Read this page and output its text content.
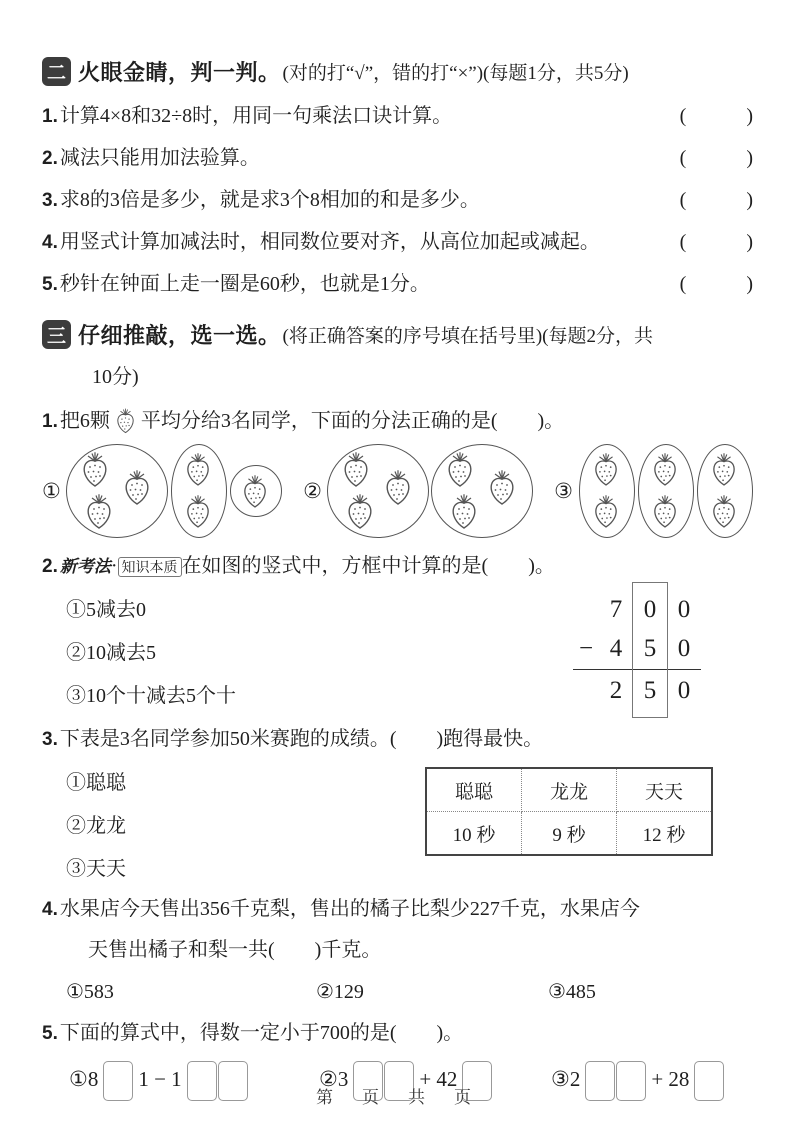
二 火眼金睛，判一判。 (对的打“√”，错的打“×”)(每题1分，共5分)
1. 计算4×8和32÷8时，用同一句乘法口诀计算。	(　　　)
2. 减法只能用加法验算。	(　　　)
3. 求8的3倍是多少，就是求3个8相加的和是多少。	(　　　)
4. 用竖式计算加减法时，相同数位要对齐，从高位加起或减起。	(　　　)
5. 秒针在钟面上走一圈是60秒，也就是1分。	(　　　)
三 仔细推敲，选一选。 (将正确答案的序号填在括号里)(每题2分，共
10分)
1. 把6颗 平均分给3名同学，下面的分法正确的是(　　)。
①	②	③
2. 新考法· 知识本质 在如图的竖式中，方框中计算的是(　　)。
①5减去0
②10减去5
③10个十减去5个十
7 0 0
− 4 5 0
2 5 0
3. 下表是3名同学参加50米赛跑的成绩。(　　)跑得最快。
①聪聪
②龙龙
③天天
聪聪	龙龙	天天
10 秒	9 秒	12 秒
4. 水果店今天售出356千克梨，售出的橘子比梨少227千克，水果店今
天售出橘子和梨一共(　　)千克。
①583	②129	③485
5. 下面的算式中，得数一定小于700的是(　　)。
①8 1 − 1	②3	+ 42	③2	+ 28
第　页　共　页
